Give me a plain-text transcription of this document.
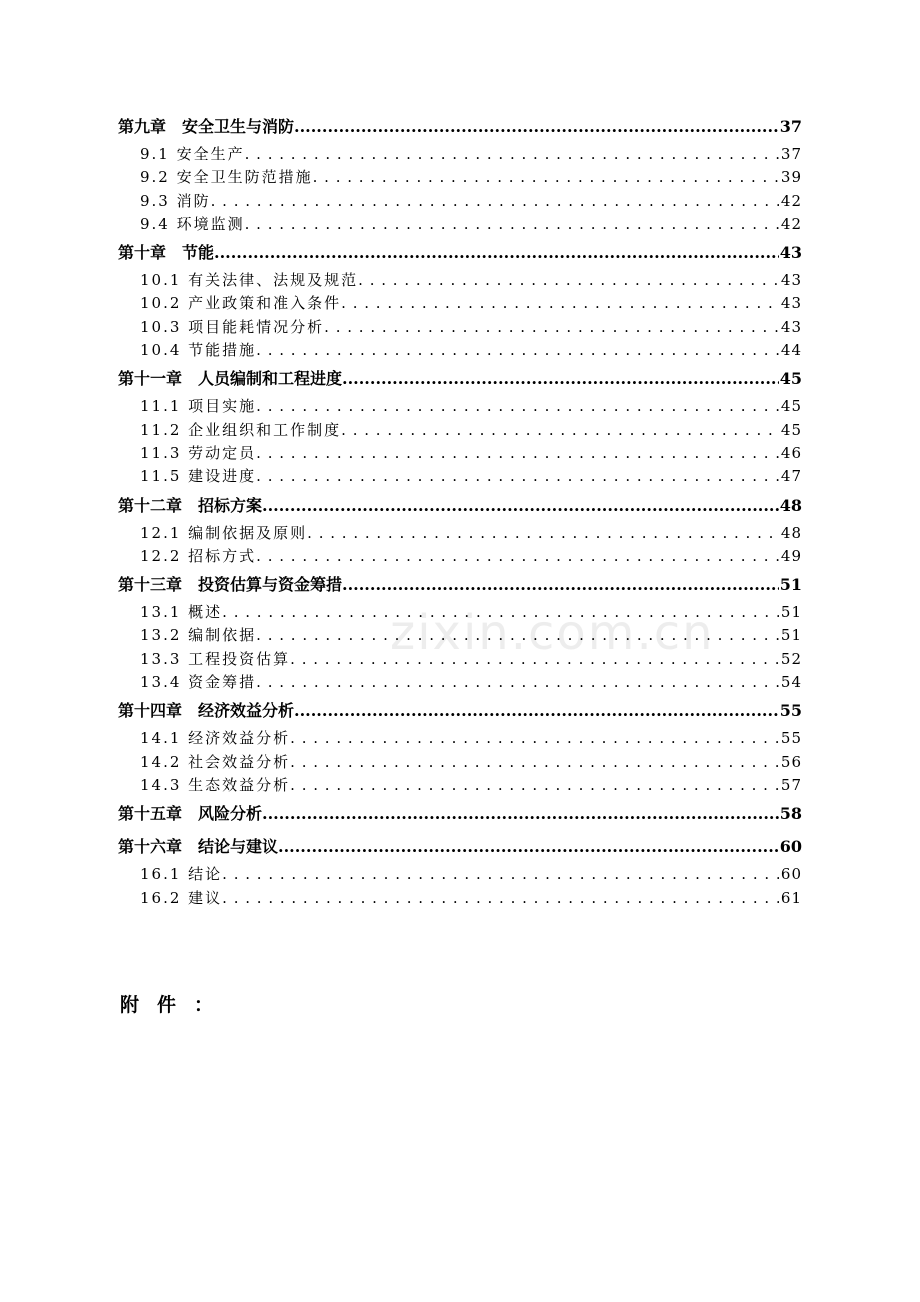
zixin.com.cn
第九章　安全卫生与消防 .....	37
9.1 安全生产 . . .	37
9.2 安全卫生防范措施 . . .	39
9.3 消防 . . .	42
9.4 环境监测 . . .	42
第十章　节能 .....	43
10.1 有关法律、法规及规范 . . .	43
10.2 产业政策和准入条件 . . .	43
10.3 项目能耗情况分析 . . .	43
10.4 节能措施 . . .	44
第十一章　人员编制和工程进度 .....	45
11.1 项目实施 . . .	45
11.2 企业组织和工作制度 . . .	45
11.3 劳动定员 . . .	46
11.5 建设进度 . . .	47
第十二章　招标方案 .....	48
12.1 编制依据及原则 . . .	48
12.2 招标方式 . . .	49
第十三章　投资估算与资金筹措 .....	51
13.1 概述 . . .	51
13.2 编制依据 . . .	51
13.3 工程投资估算 . . .	52
13.4 资金筹措 . . .	54
第十四章　经济效益分析 .....	55
14.1 经济效益分析 . . .	55
14.2 社会效益分析 . . .	56
14.3 生态效益分析 . . .	57
第十五章　风险分析 .....	58
第十六章　结论与建议 .....	60
16.1 结论 . . .	60
16.2 建议 . . .	61
附件：
